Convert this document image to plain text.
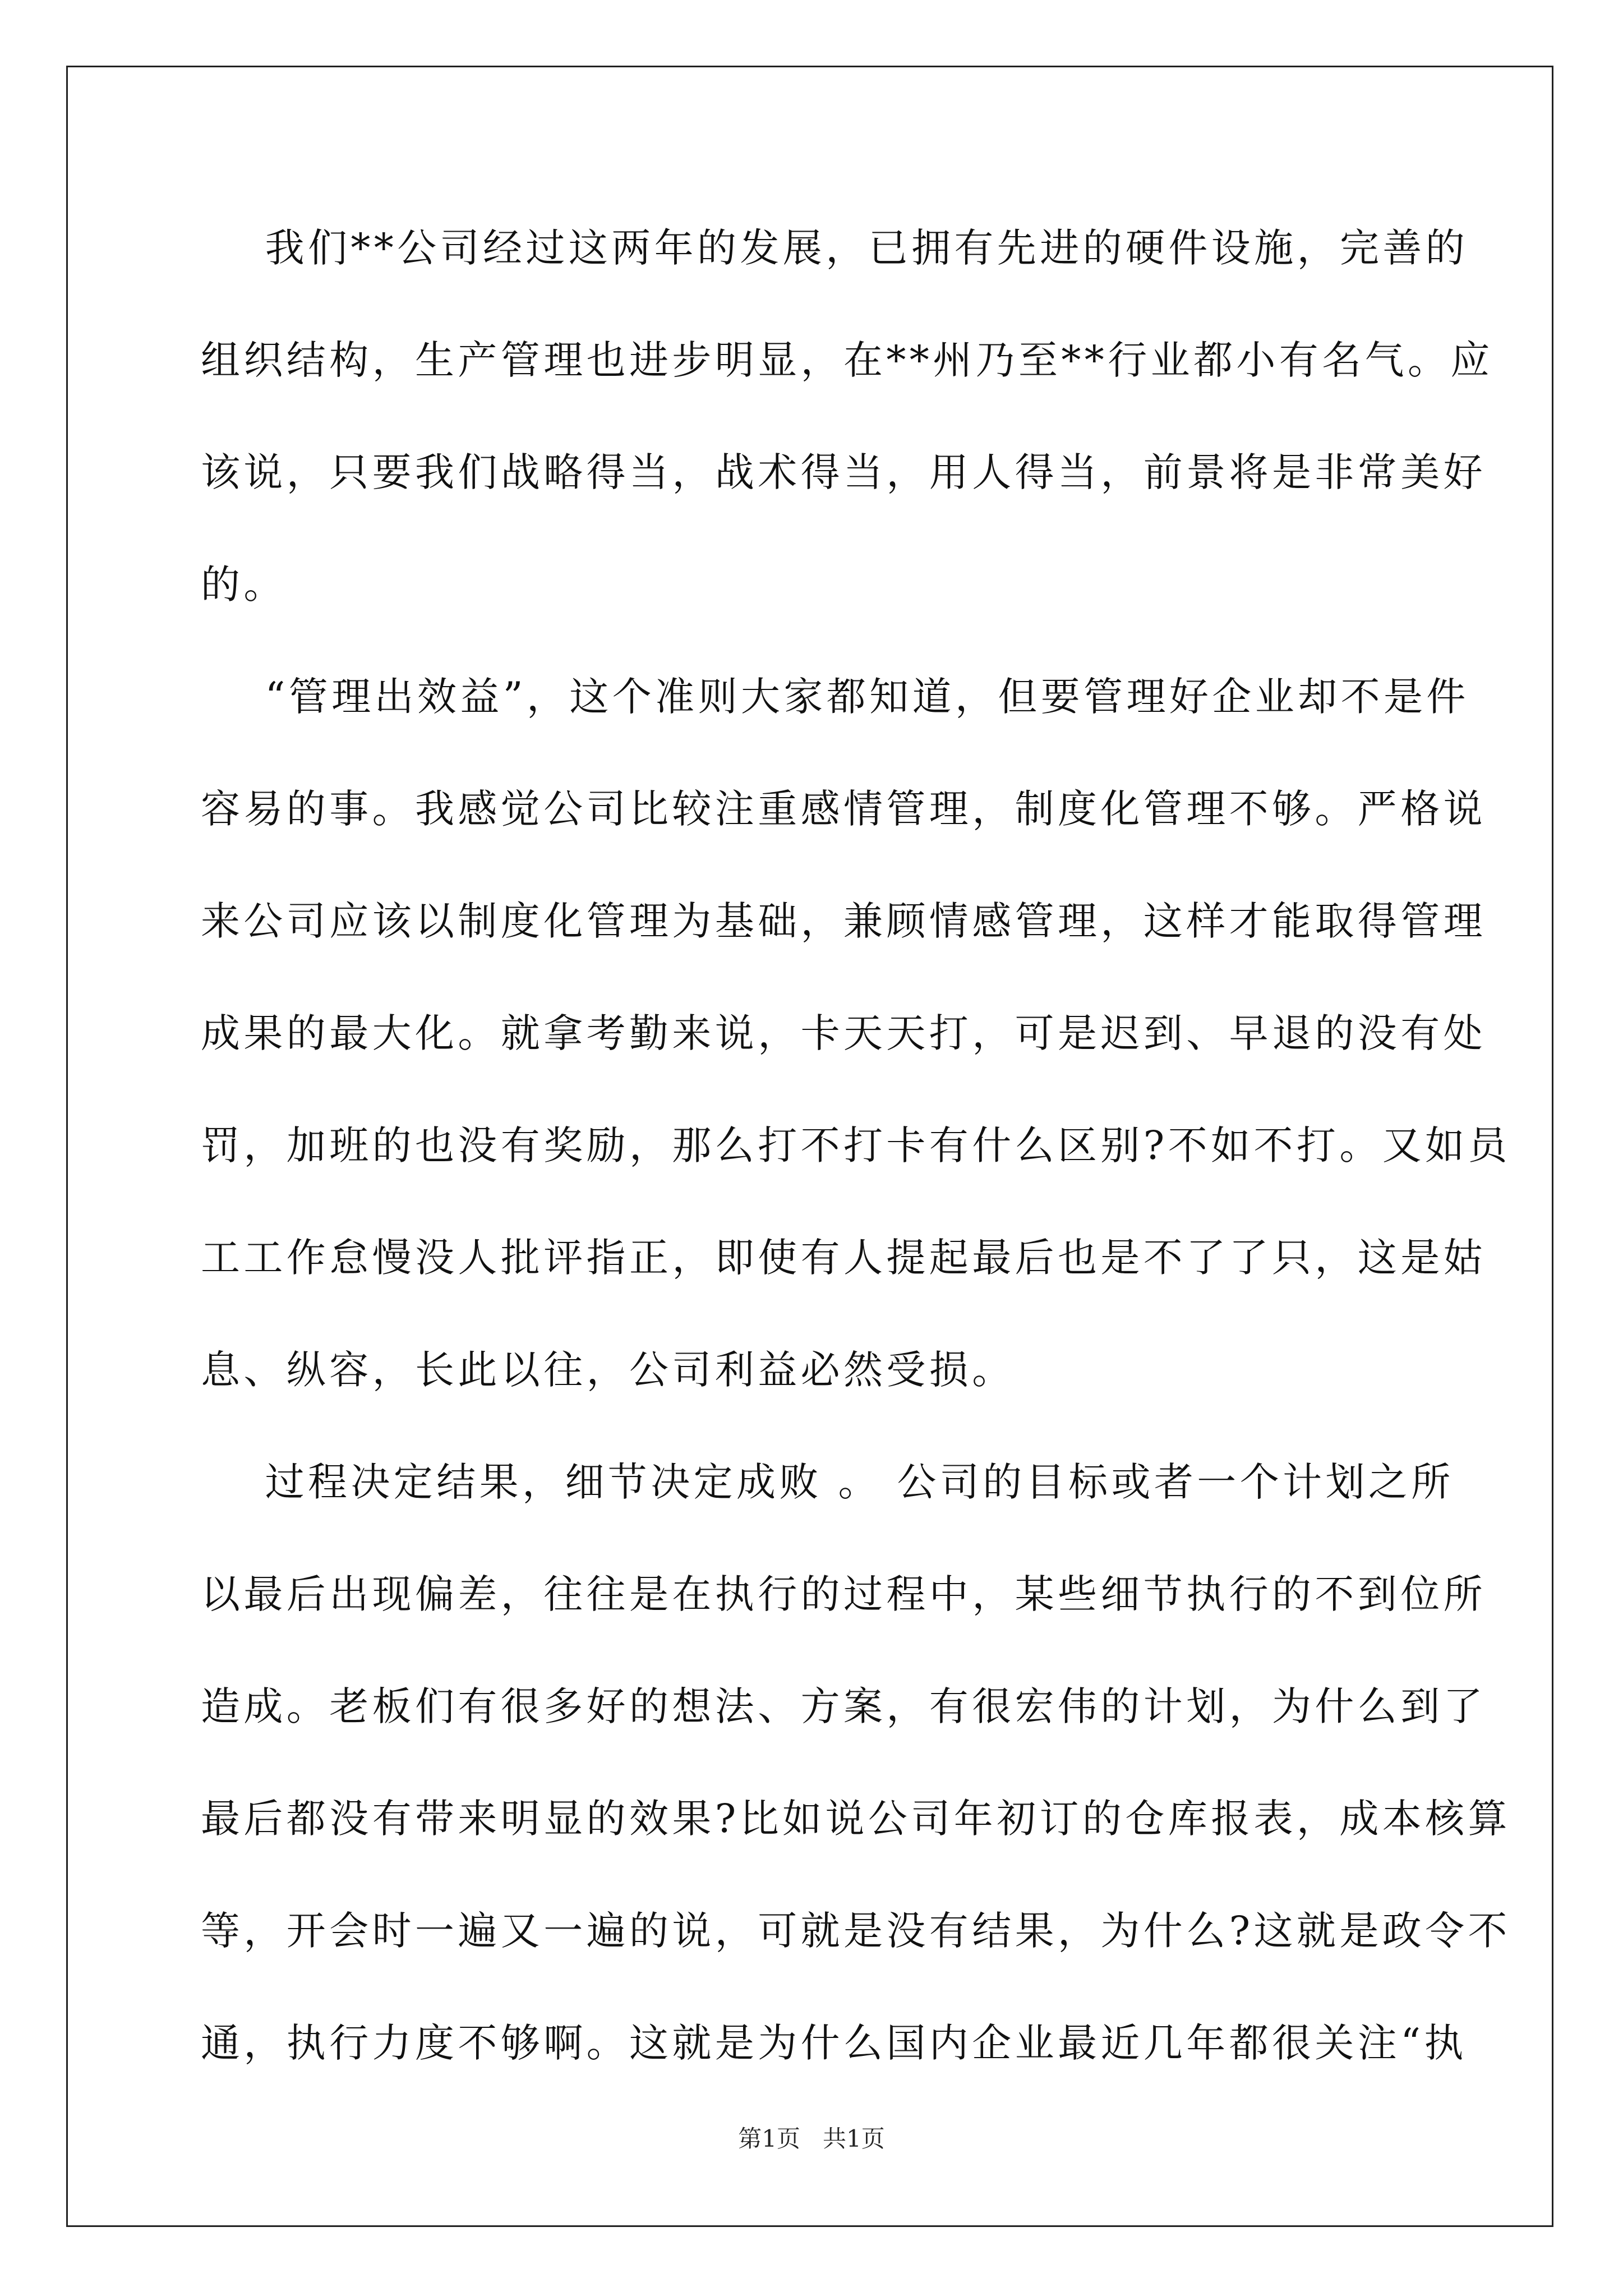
我们**公司经过这两年的发展，已拥有先进的硬件设施，完善的
组织结构，生产管理也进步明显，在**州乃至**行业都小有名气。应
该说，只要我们战略得当，战术得当，用人得当，前景将是非常美好
的。
“管理出效益”，这个准则大家都知道，但要管理好企业却不是件
容易的事。我感觉公司比较注重感情管理，制度化管理不够。严格说
来公司应该以制度化管理为基础，兼顾情感管理，这样才能取得管理
成果的最大化。就拿考勤来说，卡天天打，可是迟到、早退的没有处
罚，加班的也没有奖励，那么打不打卡有什么区别?不如不打。又如员
工工作怠慢没人批评指正，即使有人提起最后也是不了了只，这是姑
息、纵容，长此以往，公司利益必然受损。
过程决定结果，细节决定成败 。 公司的目标或者一个计划之所
以最后出现偏差，往往是在执行的过程中，某些细节执行的不到位所
造成。老板们有很多好的想法、方案，有很宏伟的计划，为什么到了
最后都没有带来明显的效果?比如说公司年初订的仓库报表，成本核算
等，开会时一遍又一遍的说，可就是没有结果，为什么?这就是政令不
通，执行力度不够啊。这就是为什么国内企业最近几年都很关注“执
第1页   共1页
